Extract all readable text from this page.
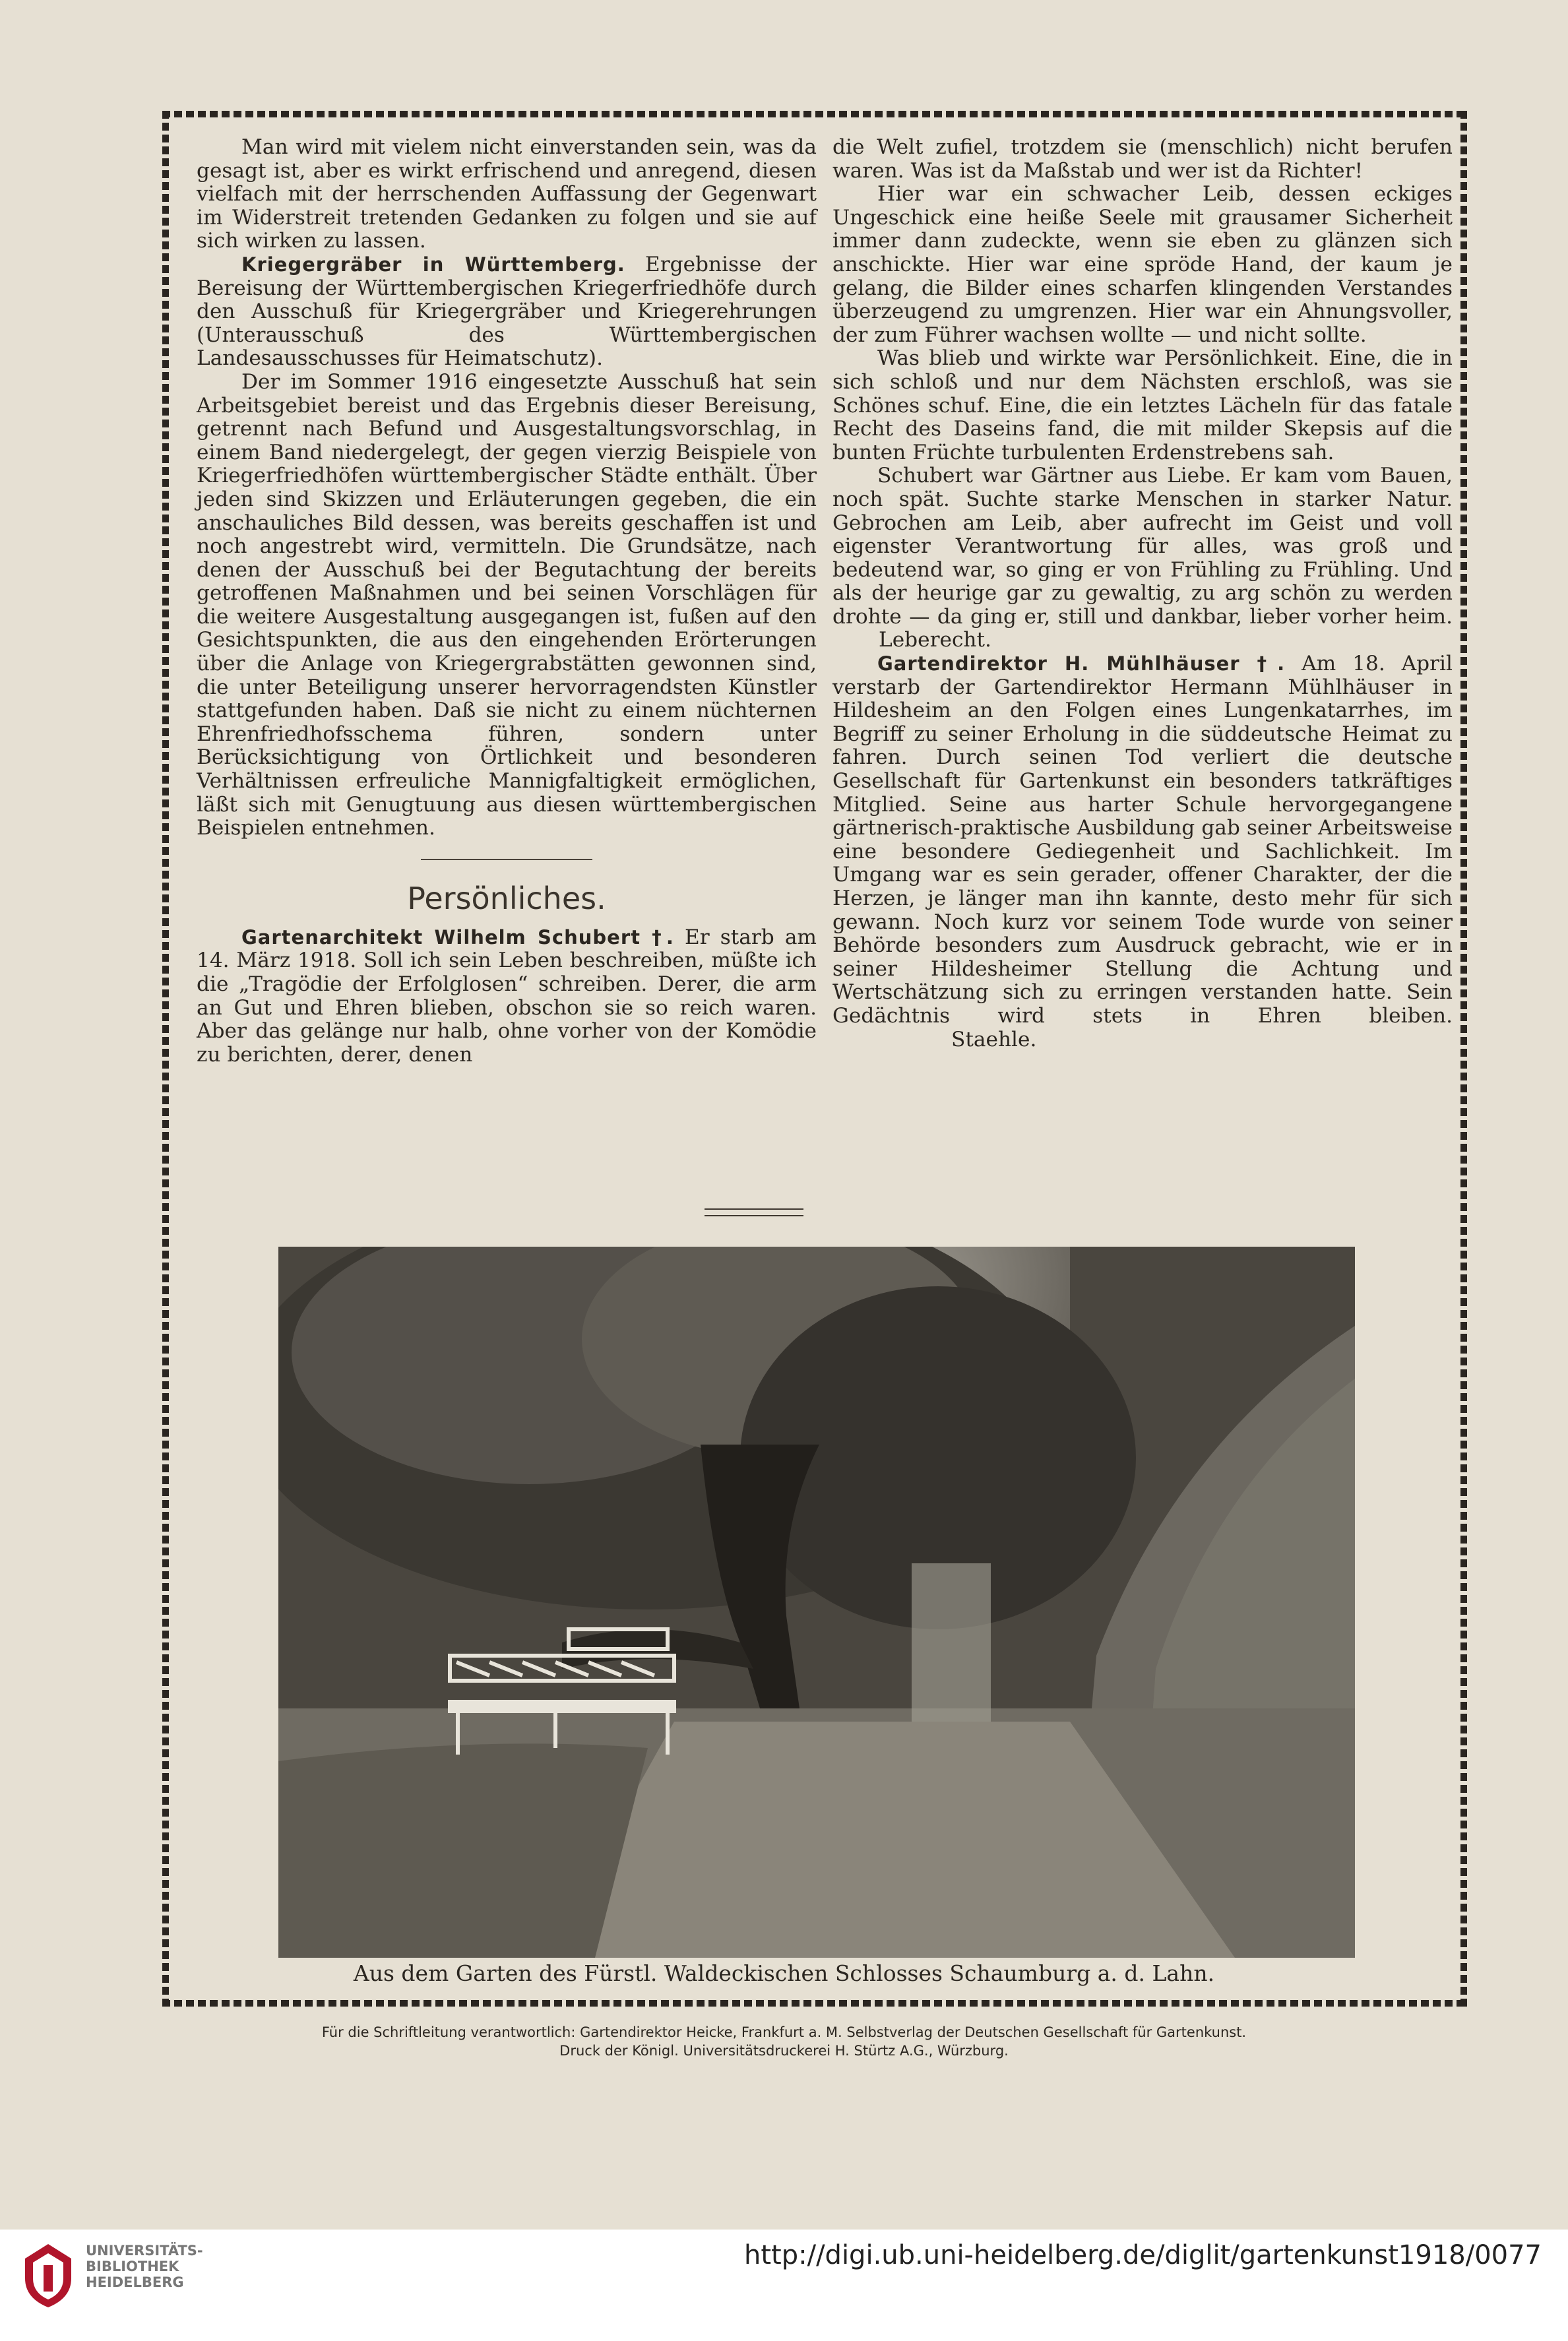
Man wird mit vielem nicht einverstanden sein, was da gesagt ist, aber es wirkt erfrischend und anregend, diesen vielfach mit der herrschenden Auffassung der Gegenwart im Widerstreit tretenden Gedanken zu folgen und sie auf sich wirken zu lassen.

Kriegergräber in Württemberg. Ergebnisse der Bereisung der Württembergischen Kriegerfriedhöfe durch den Ausschuß für Kriegergräber und Kriegerehrungen (Unterausschuß des Württembergischen Landesausschusses für Heimatschutz).

Der im Sommer 1916 eingesetzte Ausschuß hat sein Arbeitsgebiet bereist und das Ergebnis dieser Bereisung, getrennt nach Befund und Ausgestaltungsvorschlag, in einem Band niedergelegt, der gegen vierzig Beispiele von Kriegerfriedhöfen württembergischer Städte enthält. Über jeden sind Skizzen und Erläuterungen gegeben, die ein anschauliches Bild dessen, was bereits geschaffen ist und noch angestrebt wird, vermitteln. Die Grundsätze, nach denen der Ausschuß bei der Begutachtung der bereits getroffenen Maßnahmen und bei seinen Vorschlägen für die weitere Ausgestaltung ausgegangen ist, fußen auf den Gesichtspunkten, die aus den eingehenden Erörterungen über die Anlage von Kriegergrabstätten gewonnen sind, die unter Beteiligung unserer hervorragendsten Künstler stattgefunden haben. Daß sie nicht zu einem nüchternen Ehrenfriedhofsschema führen, sondern unter Berücksichtigung von Örtlichkeit und besonderen Verhältnissen erfreuliche Mannigfaltigkeit ermöglichen, läßt sich mit Genugtuung aus diesen württembergischen Beispielen entnehmen.

Persönliches.

Gartenarchitekt Wilhelm Schubert †. Er starb am 14. März 1918. Soll ich sein Leben beschreiben, müßte ich die „Tragödie der Erfolglosen“ schreiben. Derer, die arm an Gut und Ehren blieben, obschon sie so reich waren. Aber das gelänge nur halb, ohne vorher von der Komödie zu berichten, derer, denen

die Welt zufiel, trotzdem sie (menschlich) nicht berufen waren. Was ist da Maßstab und wer ist da Richter!

Hier war ein schwacher Leib, dessen eckiges Ungeschick eine heiße Seele mit grausamer Sicherheit immer dann zudeckte, wenn sie eben zu glänzen sich anschickte. Hier war eine spröde Hand, der kaum je gelang, die Bilder eines scharfen klingenden Verstandes überzeugend zu umgrenzen. Hier war ein Ahnungsvoller, der zum Führer wachsen wollte — und nicht sollte.

Was blieb und wirkte war Persönlichkeit. Eine, die in sich schloß und nur dem Nächsten erschloß, was sie Schönes schuf. Eine, die ein letztes Lächeln für das fatale Recht des Daseins fand, die mit milder Skepsis auf die bunten Früchte turbulenten Erdenstrebens sah.

Schubert war Gärtner aus Liebe. Er kam vom Bauen, noch spät. Suchte starke Menschen in starker Natur. Gebrochen am Leib, aber aufrecht im Geist und voll eigenster Verantwortung für alles, was groß und bedeutend war, so ging er von Frühling zu Frühling. Und als der heurige gar zu gewaltig, zu arg schön zu werden drohte — da ging er, still und dankbar, lieber vorher heim. Leberecht.

Gartendirektor H. Mühlhäuser †. Am 18. April verstarb der Gartendirektor Hermann Mühlhäuser in Hildesheim an den Folgen eines Lungenkatarrhes, im Begriff zu seiner Erholung in die süddeutsche Heimat zu fahren. Durch seinen Tod verliert die deutsche Gesellschaft für Gartenkunst ein besonders tatkräftiges Mitglied. Seine aus harter Schule hervorgegangene gärtnerisch-praktische Ausbildung gab seiner Arbeitsweise eine besondere Gediegenheit und Sachlichkeit. Im Umgang war es sein gerader, offener Charakter, der die Herzen, je länger man ihn kannte, desto mehr für sich gewann. Noch kurz vor seinem Tode wurde von seiner Behörde besonders zum Ausdruck gebracht, wie er in seiner Hildesheimer Stellung die Achtung und Wertschätzung sich zu erringen verstanden hatte. Sein Gedächtnis wird stets in Ehren bleiben. Staehle.

Aus dem Garten des Fürstl. Waldeckischen Schlosses Schaumburg a. d. Lahn.
Für die Schriftleitung verantwortlich: Gartendirektor Heicke, Frankfurt a. M. Selbstverlag der Deutschen Gesellschaft für Gartenkunst.
Druck der Königl. Universitätsdruckerei H. Stürtz A.G., Würzburg.
UNIVERSITÄTS-
BIBLIOTHEK
HEIDELBERG
http://digi.ub.uni-heidelberg.de/diglit/gartenkunst1918/0077
